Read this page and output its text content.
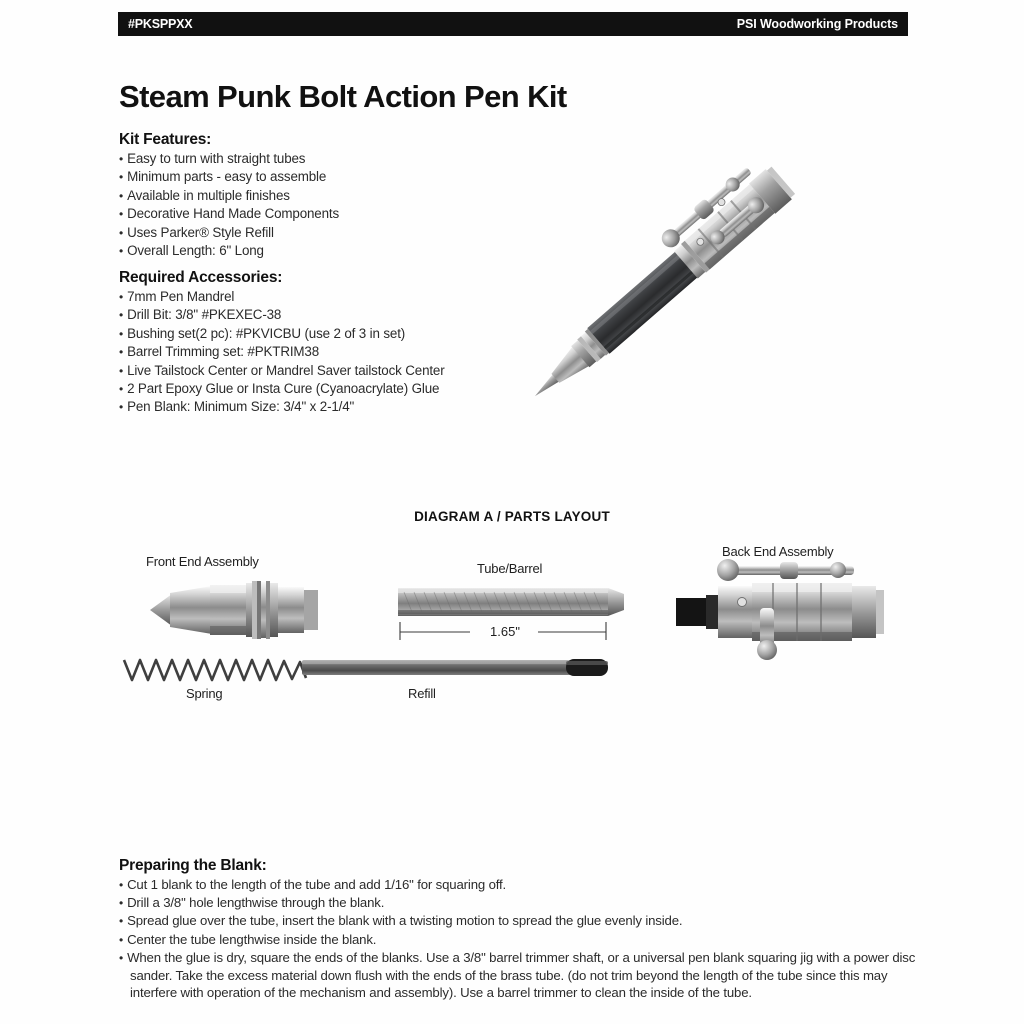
#PKSPPXX	PSI Woodworking Products
Steam Punk Bolt Action Pen Kit
Kit Features:
• Easy to turn with straight tubes
• Minimum parts - easy to assemble
• Available in multiple finishes
• Decorative Hand Made Components
• Uses Parker® Style Refill
• Overall Length: 6" Long
Required Accessories:
• 7mm Pen Mandrel
• Drill Bit: 3/8" #PKEXEC-38
• Bushing set(2 pc): #PKVICBU (use 2 of 3 in set)
• Barrel Trimming set: #PKTRIM38
• Live Tailstock Center or Mandrel Saver tailstock Center
• 2 Part Epoxy Glue or Insta Cure (Cyanoacrylate) Glue
• Pen Blank: Minimum Size: 3/4" x 2-1/4"
DIAGRAM A / PARTS LAYOUT
Front End Assembly	Tube/Barrel
Back End Assembly
Spring	Refill
1.65"
Preparing the Blank:
• Cut 1 blank to the length of the tube and add 1/16" for squaring off.
• Drill a 3/8" hole lengthwise through the blank.
• Spread glue over the tube, insert the blank with a twisting motion to spread the glue evenly inside.
• Center the tube lengthwise inside the blank.
• When the glue is dry, square the ends of the blanks. Use a 3/8" barrel trimmer shaft, or a universal pen blank squaring jig with a power disc sander. Take the excess material down flush with the ends of the brass tube. (do not trim beyond the length of the tube since this may interfere with operation of the mechanism and assembly). Use a barrel trimmer to clean the inside of the tube.
